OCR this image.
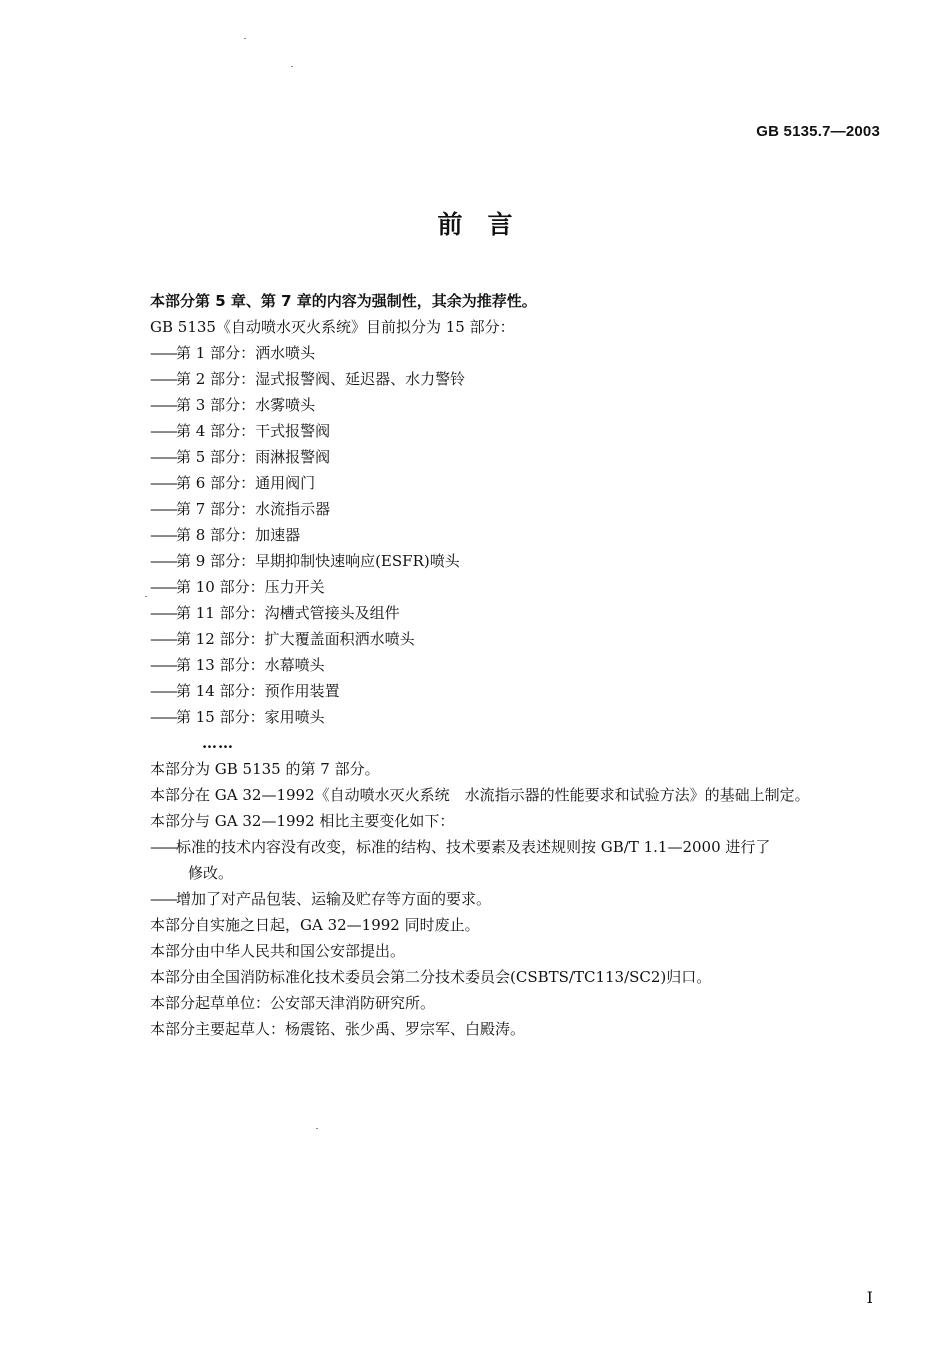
GB 5135.7—2003
前　言
本部分第 5 章、第 7 章的内容为强制性，其余为推荐性。
GB 5135《自动喷水灭火系统》目前拟分为 15 部分：
——第 1 部分：洒水喷头
——第 2 部分：湿式报警阀、延迟器、水力警铃
——第 3 部分：水雾喷头
——第 4 部分：干式报警阀
——第 5 部分：雨淋报警阀
——第 6 部分：通用阀门
——第 7 部分：水流指示器
——第 8 部分：加速器
——第 9 部分：早期抑制快速响应(ESFR)喷头
——第 10 部分：压力开关
——第 11 部分：沟槽式管接头及组件
——第 12 部分：扩大覆盖面积洒水喷头
——第 13 部分：水幕喷头
——第 14 部分：预作用装置
——第 15 部分：家用喷头
……
本部分为 GB 5135 的第 7 部分。
本部分在 GA 32—1992《自动喷水灭火系统　水流指示器的性能要求和试验方法》的基础上制定。
本部分与 GA 32—1992 相比主要变化如下：
——标准的技术内容没有改变，标准的结构、技术要素及表述规则按 GB/T 1.1—2000 进行了
修改。
——增加了对产品包装、运输及贮存等方面的要求。
本部分自实施之日起，GA 32—1992 同时废止。
本部分由中华人民共和国公安部提出。
本部分由全国消防标准化技术委员会第二分技术委员会(CSBTS/TC113/SC2)归口。
本部分起草单位：公安部天津消防研究所。
本部分主要起草人：杨震铭、张少禹、罗宗军、白殿涛。
I
